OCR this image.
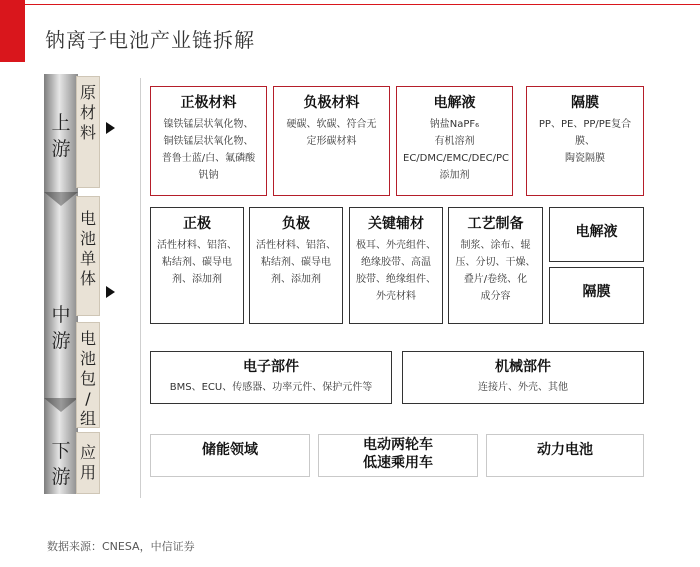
钠离子电池产业链拆解
上
游
中
游
下
游
原
材
料
电
池
单
体
电
池
包
/
组
应
用
正极材料
镍铁锰层状氧化物、
铜铁锰层状氧化物、
普鲁士蓝/白、氟磷酸
钒钠
负极材料
硬碳、软碳、符合无
定形碳材料
电解液
钠盐NaPF₆
有机溶剂
EC/DMC/EMC/DEC/PC
添加剂
隔膜
PP、PE、PP/PE复合膜、
陶瓷隔膜
正极
活性材料、铝箔、
粘结剂、碳导电
剂、添加剂
负极
活性材料、铝箔、
粘结剂、碳导电
剂、添加剂
关键辅材
极耳、外壳组件、
绝缘胶带、高温
胶带、绝缘组件、
外壳材料
工艺制备
制浆、涂布、辊
压、分切、干燥、
叠片/卷绕、化
成分容
电解液
隔膜
电子部件
BMS、ECU、传感器、功率元件、保护元件等
机械部件
连接片、外壳、其他
储能领域	电动两轮车
低速乘用车
动力电池
数据来源：CNESA，中信证券
